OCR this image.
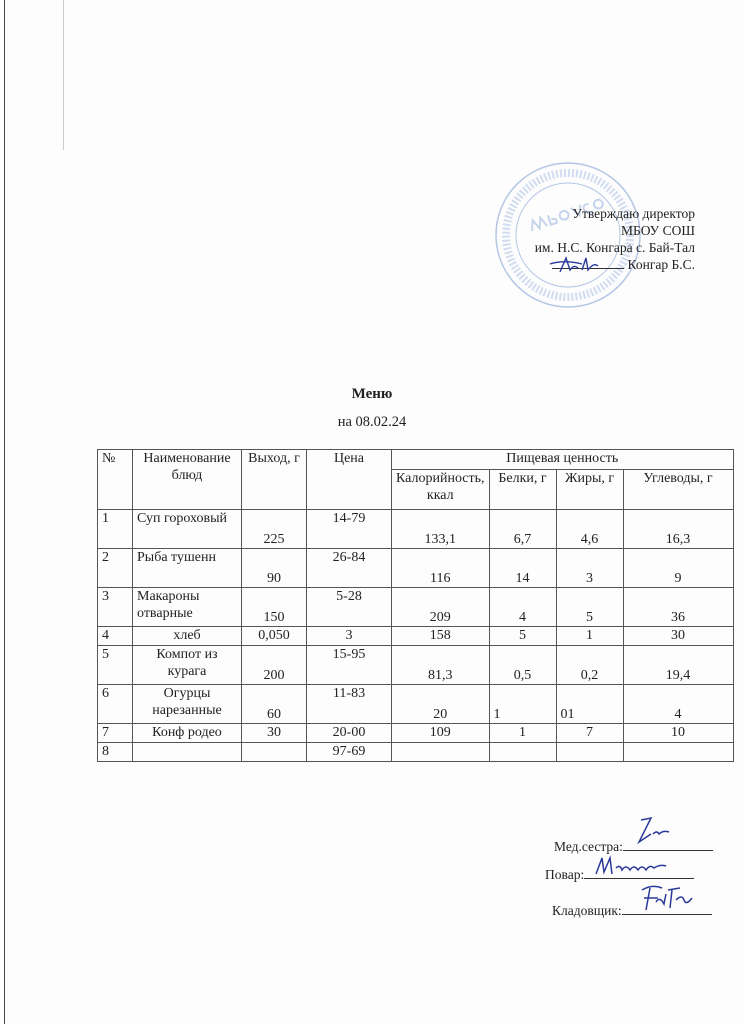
Утверждаю директор
МБОУ СОШ
им. Н.С. Конгара с. Бай-Тал
Конгар Б.С.
Меню
на 08.02.24
№	Наименование блюд	Выход, г	Цена	Пищевая ценность			
				Калорийность, ккал	Белки, г	Жиры, г	Углеводы, г
1	Суп гороховый	225	14-79	133,1	6,7	4,6	16,3
2	Рыба тушенн	90	26-84	116	14	3	9
3	Макароны отварные	150	5-28	209	4	5	36
4	хлеб	0,050	3	158	5	1	30
5	Компот из курага	200	15-95	81,3	0,5	0,2	19,4
6	Огурцы нарезанные	60	11-83	20	1	01	4
7	Конф родео	30	20-00	109	1	7	10
8			97-69				
Мед.сестра:
Повар:
Кладовщик:
